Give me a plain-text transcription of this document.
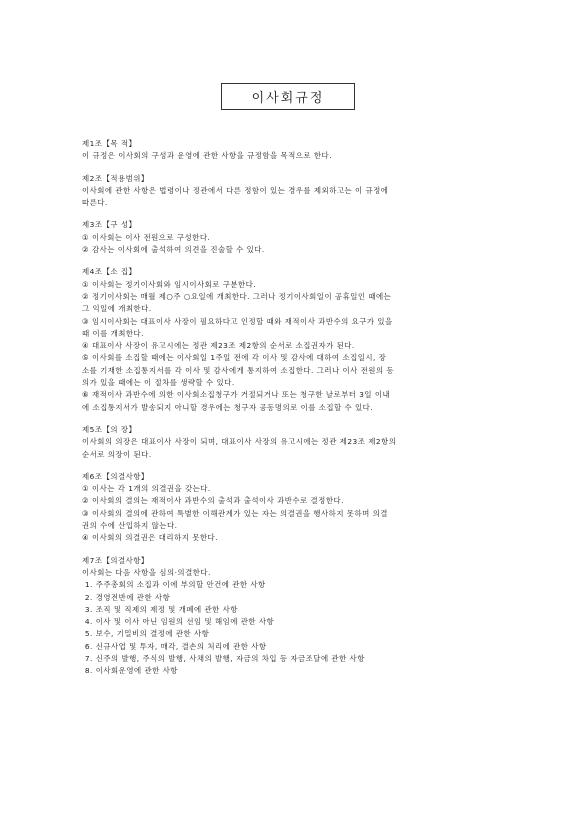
이사회규정
제1조【목 적】
이 규정은 이사회의 구성과 운영에 관한 사항을 규정함을 목적으로 한다.
제2조【적용범위】
이사회에 관한 사항은 법령이나 정관에서 다른 정함이 있는 경우를 제외하고는 이 규정에
따른다.
제3조【구 성】
① 이사회는 이사 전원으로 구성한다.
② 감사는 이사회에 출석하여 의견을 진술할 수 있다.
제4조【소 집】
① 이사회는 정기이사회와 임시이사회로 구분한다.
② 정기이사회는 매월 제○주 ○요일에 개최한다. 그러나 정기이사회일이 공휴일인 때에는
그 익일에 개최한다.
③ 임시이사회는 대표이사 사장이 필요하다고 인정할 때와 재적이사 과반수의 요구가 있을
때 이를 개최한다.
④ 대표이사 사장이 유고시에는 정관 제23조 제2항의 순서로 소집권자가 된다.
⑤ 이사회를 소집할 때에는 이사회일 1주일 전에 각 이사 및 감사에 대하여 소집일시, 장
소를 기재한 소집통지서를 각 이사 및 감사에게 통지하여 소집한다. 그러나 이사 전원의 동
의가 있을 때에는 이 절차를 생략할 수 있다.
⑥ 재적이사 과반수에 의한 이사회소집청구가 거절되거나 또는 청구한 날로부터 3일 이내
에 소집통지서가 발송되지 아니할 경우에는 청구자 공동명의로 이를 소집할 수 있다.
제5조【의 장】
이사회의 의장은 대표이사 사장이 되며, 대표이사 사장의 유고시에는 정관 제23조 제2항의
순서로 의장이 된다.
제6조【의결사항】
① 이사는 각 1개의 의결권을 갖는다.
② 이사회의 결의는 재적이사 과반수의 출석과 출석이사 과반수로 결정한다.
③ 이사회의 결의에 관하여 특별한 이해관계가 있는 자는 의결권을 행사하지 못하며 의결
권의 수에 산입하지 않는다.
④ 이사회의 의결권은 대리하지 못한다.
제7조【의결사항】
이사회는 다음 사항을 심의·의결한다.
1. 주주총회의 소집과 이에 부의할 안건에 관한 사항
2. 경영전반에 관한 사항
3. 조직 및 직제의 제정 및 개폐에 관한 사항
4. 이사 및 이사 아닌 임원의 선임 및 해임에 관한 사항
5. 보수, 기밀비의 결정에 관한 사항
6. 신규사업 및 투자, 매각, 결손의 처리에 관한 사항
7. 신주의 발행, 주식의 발행, 사채의 발행, 자금의 차입 등 자금조달에 관한 사항
8. 이사회운영에 관한 사항
